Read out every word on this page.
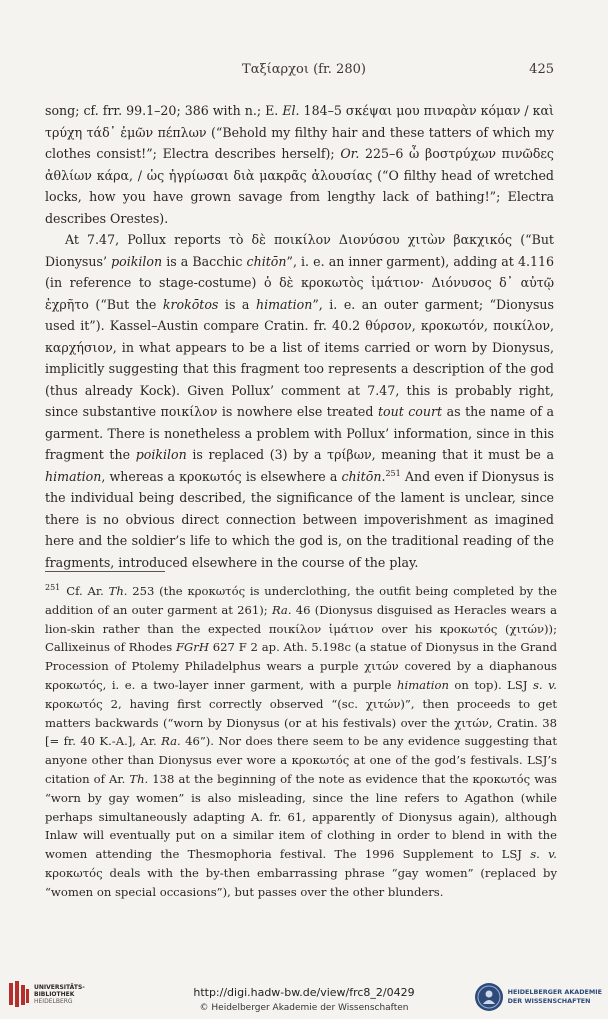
Ταξίαρχοι (fr. 280)	425

song; cf. frr. 99.1–20; 386 with n.; E. El. 184–5 σκέψαι μου πιναρὰν κόμαν / καὶ τρύχη τάδ᾽ ἐμῶν πέπλων (“Behold my filthy hair and these tatters of which my clothes consist!”; Electra describes herself); Or. 225–6 ὦ βοστρύχων πινῶδες ἀθλίων κάρα, / ὡς ἠγρίωσαι διὰ μακρᾶς ἀλουσίας (“O filthy head of wretched locks, how you have grown savage from lengthy lack of bathing!”; Electra describes Orestes).

At 7.47, Pollux reports τὸ δὲ ποικίλον Διονύσου χιτὼν βακχικός (“But Dionysus’ poikilon is a Bacchic chitōn”, i. e. an inner garment), adding at 4.116 (in reference to stage-costume) ὁ δὲ κροκωτὸς ἱμάτιον· Διόνυσος δ᾽ αὐτῷ ἐχρῆτο (“But the krokōtos is a himation”, i. e. an outer garment; “Dionysus used it”). Kassel–Austin compare Cratin. fr. 40.2 θύρσον, κροκωτόν, ποικίλον, καρχήσιον, in what appears to be a list of items carried or worn by Dionysus, implicitly suggesting that this fragment too represents a description of the god (thus already Kock). Given Pollux’ comment at 7.47, this is probably right, since substantive ποικίλον is nowhere else treated tout court as the name of a garment. There is nonetheless a problem with Pollux’ information, since in this fragment the poikilon is replaced (3) by a τρίβων, meaning that it must be a himation, whereas a κροκωτός is elsewhere a chitōn.$^{251}$ And even if Dionysus is the individual being described, the significance of the lament is unclear, since there is no obvious direct connection between impoverishment as imagined here and the soldier’s life to which the god is, on the traditional reading of the fragments, introduced elsewhere in the course of the play.

$^{251}$ Cf. Ar. Th. 253 (the κροκωτός is underclothing, the outfit being completed by the addition of an outer garment at 261); Ra. 46 (Dionysus disguised as Heracles wears a lion-skin rather than the expected ποικίλον ἱμάτιον over his κροκωτός (χιτών)); Callixeinus of Rhodes FGrH 627 F 2 ap. Ath. 5.198c (a statue of Dionysus in the Grand Procession of Ptolemy Philadelphus wears a purple χιτών covered by a diaphanous κροκωτός, i. e. a two-layer inner garment, with a purple himation on top). LSJ s. v. κροκωτός 2, having first correctly observed “(sc. χιτών)”, then proceeds to get matters backwards (“worn by Dionysus (or at his festivals) over the χιτών, Cratin. 38 [= fr. 40 K.-A.], Ar. Ra. 46”). Nor does there seem to be any evidence suggesting that anyone other than Dionysus ever wore a κροκωτός at one of the god’s festivals. LSJ’s citation of Ar. Th. 138 at the beginning of the note as evidence that the κροκωτός was “worn by gay women” is also misleading, since the line refers to Agathon (while perhaps simultaneously adapting A. fr. 61, apparently of Dionysus again), although Inlaw will eventually put on a similar item of clothing in order to blend in with the women attending the Thesmophoria festival. The 1996 Supplement to LSJ s. v. κροκωτός deals with the by-then embarrassing phrase “gay women” (replaced by “women on special occasions”), but passes over the other blunders.

UNIVERSITÄTS-
BIBLIOTHEK
HEIDELBERG
http://digi.hadw-bw.de/view/frc8_2/0429
© Heidelberger Akademie der Wissenschaften
HEIDELBERGER AKADEMIE
DER WISSENSCHAFTEN
